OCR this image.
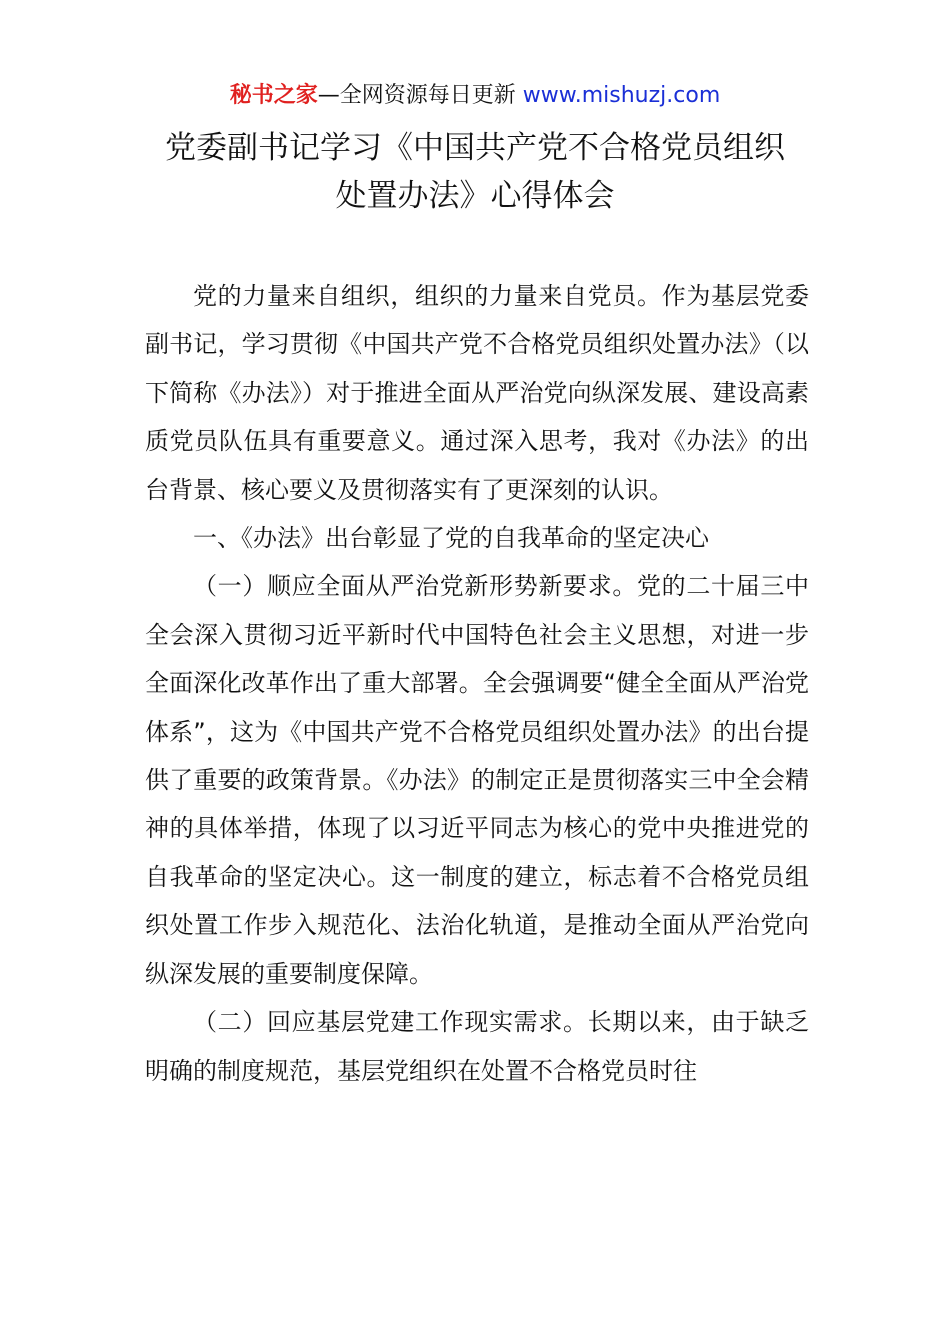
秘书之家—全网资源每日更新 www.mishuzj.com
党委副书记学习《中国共产党不合格党员组织
处置办法》心得体会

党的力量来自组织，组织的力量来自党员。作为基层党委副书记，学习贯彻《中国共产党不合格党员组织处置办法》（以下简称《办法》）对于推进全面从严治党向纵深发展、建设高素质党员队伍具有重要意义。通过深入思考，我对《办法》的出台背景、核心要义及贯彻落实有了更深刻的认识。

一、《办法》出台彰显了党的自我革命的坚定决心

（一）顺应全面从严治党新形势新要求。党的二十届三中全会深入贯彻习近平新时代中国特色社会主义思想，对进一步全面深化改革作出了重大部署。全会强调要“健全全面从严治党体系”，这为《中国共产党不合格党员组织处置办法》的出台提供了重要的政策背景。《办法》的制定正是贯彻落实三中全会精神的具体举措，体现了以习近平同志为核心的党中央推进党的自我革命的坚定决心。这一制度的建立，标志着不合格党员组织处置工作步入规范化、法治化轨道，是推动全面从严治党向纵深发展的重要制度保障。

（二）回应基层党建工作现实需求。长期以来，由于缺乏明确的制度规范，基层党组织在处置不合格党员时往
